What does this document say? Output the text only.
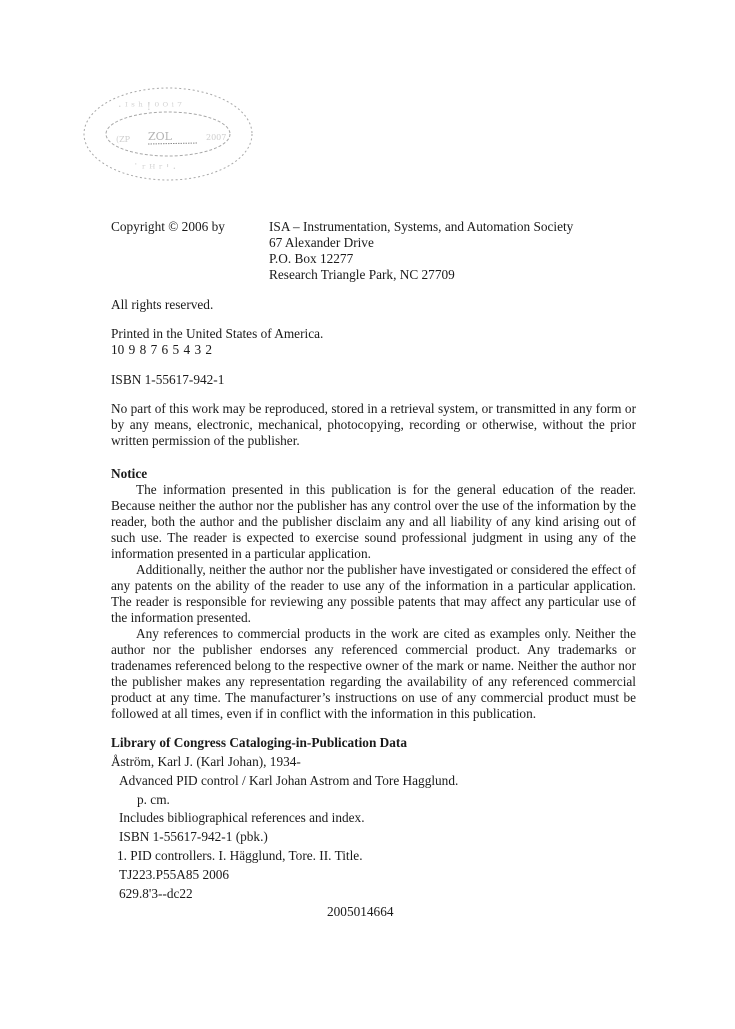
· ᴵ ˢ ʰ ! ⁰ ᴼ ⁱ ⁷
ZOL
(ZP	2007
˙ ʳ ᴴ ʳ ' ·
Copyright © 2006 by	ISA – Instrumentation, Systems, and Automation Society
67 Alexander Drive
P.O. Box 12277
Research Triangle Park, NC 27709
All rights reserved.
Printed in the United States of America.
10 9 8 7 6 5 4 3 2
ISBN 1-55617-942-1
No part of this work may be reproduced, stored in a retrieval system, or transmitted in any form or by any means, electronic, mechanical, photocopying, recording or otherwise, without the prior written permission of the publisher.
Notice
The information presented in this publication is for the general education of the reader. Because neither the author nor the publisher has any control over the use of the information by the reader, both the author and the publisher disclaim any and all liability of any kind arising out of such use. The reader is expected to exercise sound professional judgment in using any of the information presented in a particular application.
Additionally, neither the author nor the publisher have investigated or considered the effect of any patents on the ability of the reader to use any of the information in a particular application. The reader is responsible for reviewing any possible patents that may affect any particular use of the information presented.
Any references to commercial products in the work are cited as examples only. Neither the author nor the publisher endorses any referenced commercial product. Any trademarks or tradenames referenced belong to the respective owner of the mark or name. Neither the author nor the publisher makes any representation regarding the availability of any referenced commercial product at any time. The manufacturer’s instructions on use of any commercial product must be followed at all times, even if in conflict with the information in this publication.
Library of Congress Cataloging-in-Publication Data
Åström, Karl J. (Karl Johan), 1934-
Advanced PID control / Karl Johan Astrom and Tore Hagglund.
p. cm.
Includes bibliographical references and index.
ISBN 1-55617-942-1 (pbk.)
1. PID controllers. I. Hägglund, Tore. II. Title.
TJ223.P55A85 2006
629.8'3--dc22
2005014664
